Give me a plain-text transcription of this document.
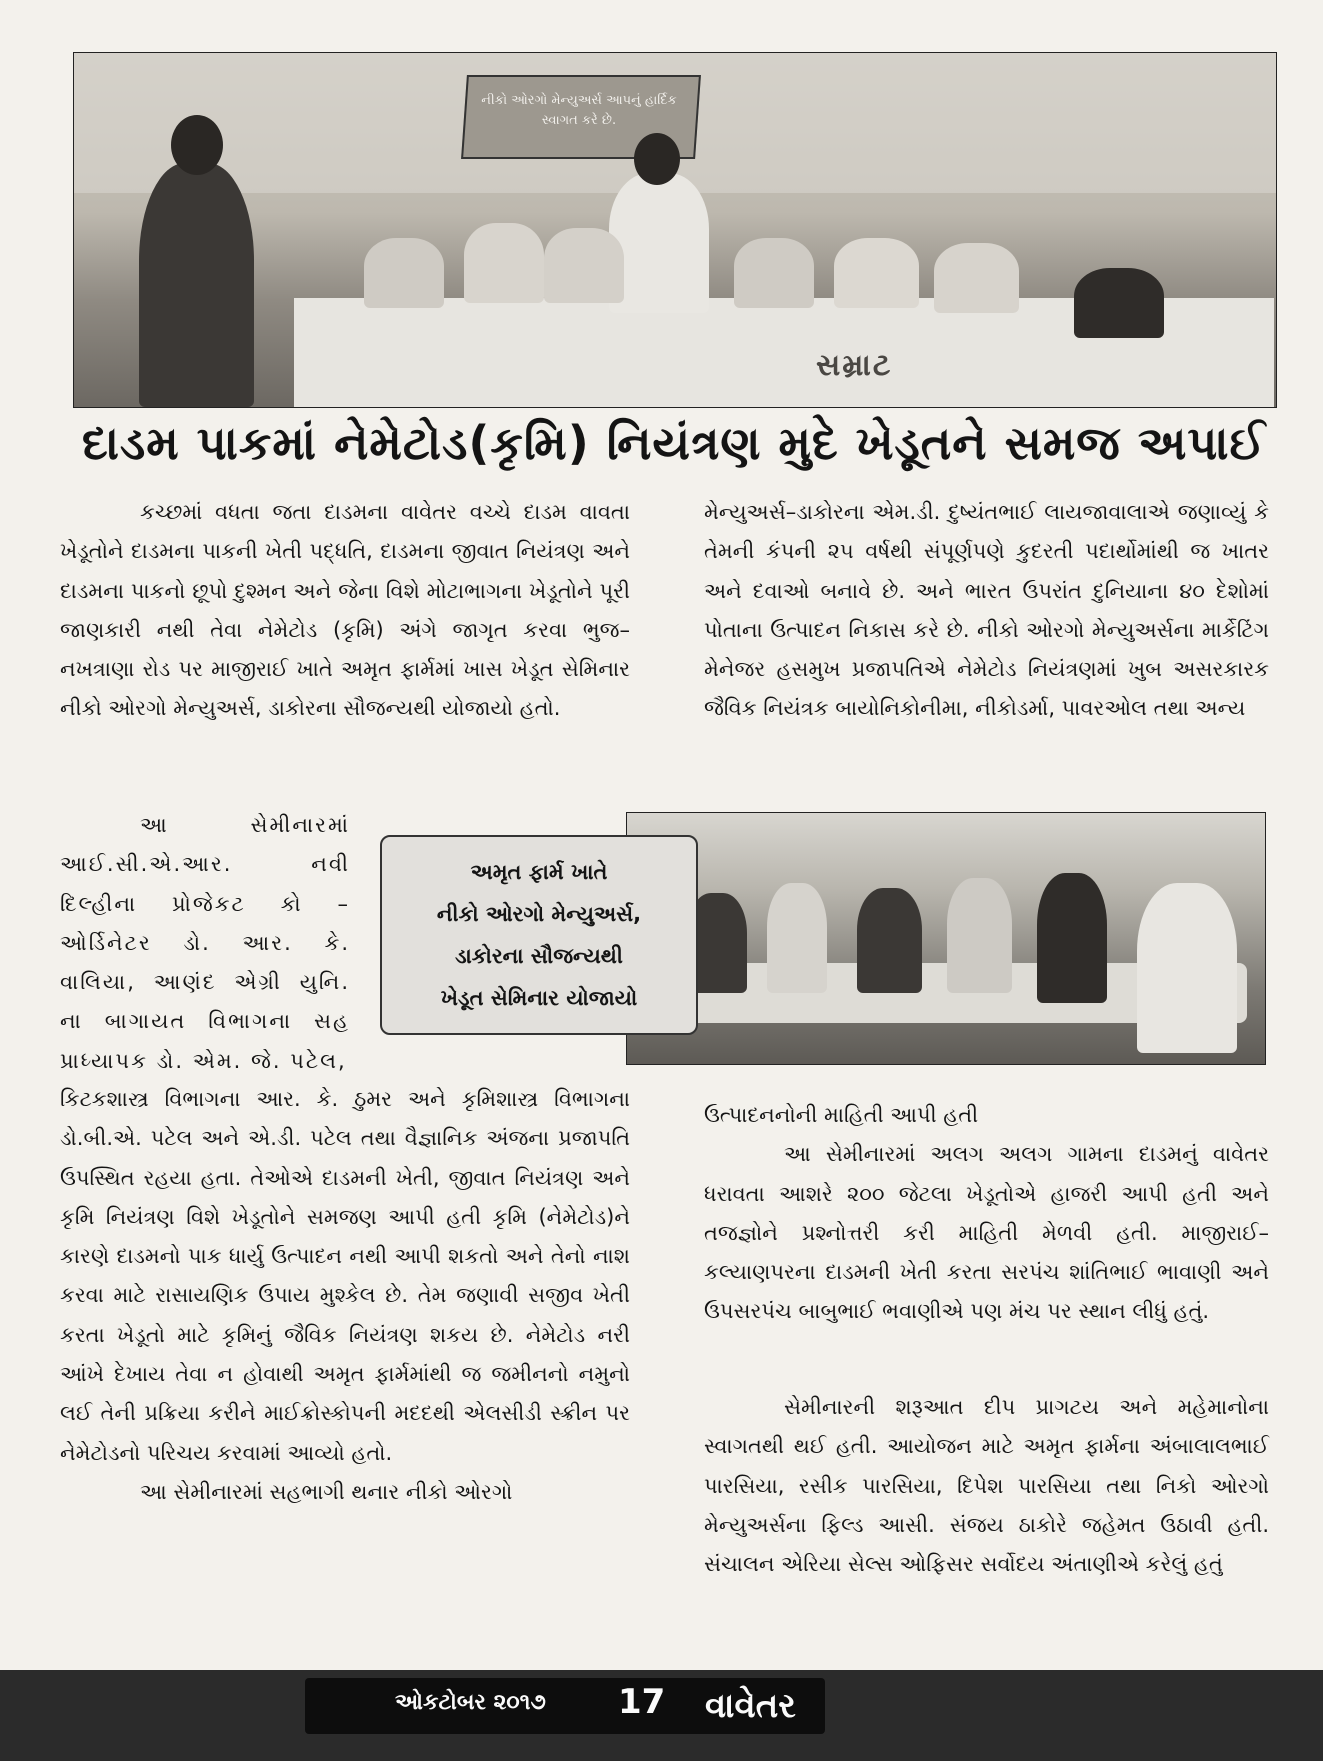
નીકો ઓરગો મેન્યુઅર્સ આપનું હાર્દિક સ્વાગત કરે છે.
સમ્રાટ
દાડમ પાકમાં નેમેટોડ(કૃમિ) નિયંત્રણ મુદે ખેડૂતને સમજ અપાઈ

કચ્છમાં વધતા જતા દાડમના વાવેતર વચ્ચે દાડમ વાવતા ખેડૂતોને દાડમના પાકની ખેતી પદ્ધતિ, દાડમના જીવાત નિયંત્રણ અને દાડમના પાકનો છૂપો દુશ્મન અને જેના વિશે મોટાભાગના ખેડૂતોને પૂરી જાણકારી નથી તેવા નેમેટોડ (કૃમિ) અંગે જાગૃત કરવા ભુજ–નખત્રાણા રોડ પર માજીરાઈ ખાતે અમૃત ફાર્મમાં ખાસ ખેડૂત સેમિનાર નીકો ઓરગો મેન્યુઅર્સ, ડાકોરના સૌજન્યથી યોજાયો હતો.

આ સેમીનારમાં આઈ.સી.એ.આર. નવી દિલ્હીના પ્રોજેકટ કો – ઓર્ડિનેટર ડો. આર. કે. વાલિયા, આણંદ એગ્રી યુનિ. ના બાગાયત વિભાગના સહ પ્રાધ્યાપક ડો. એમ. જે. પટેલ,

કિટકશાસ્ત્ર વિભાગના આર. કે. ઠુમર અને કૃમિશાસ્ત્ર વિભાગના ડો.બી.એ. પટેલ અને એ.ડી. પટેલ તથા વૈજ્ઞાનિક અંજના પ્રજાપતિ ઉપસ્થિત રહયા હતા. તેઓએ દાડમની ખેતી, જીવાત નિયંત્રણ અને કૃમિ નિયંત્રણ વિશે ખેડૂતોને સમજણ આપી હતી કૃમિ (નેમેટોડ)ને કારણે દાડમનો પાક ધાર્યુ ઉત્પાદન નથી આપી શકતો અને તેનો નાશ કરવા માટે રાસાયણિક ઉપાય મુશ્કેલ છે. તેમ જણાવી સજીવ ખેતી કરતા ખેડૂતો માટે કૃમિનું જૈવિક નિયંત્રણ શકય છે. નેમેટોડ નરી આંખે દેખાય તેવા ન હોવાથી અમૃત ફાર્મમાંથી જ જમીનનો નમુનો લઈ તેની પ્રક્રિયા કરીને માઈક્રોસ્કોપની મદદથી એલસીડી સ્ક્રીન પર નેમેટોડનો પરિચય કરવામાં આવ્યો હતો.
આ સેમીનારમાં સહભાગી થનાર નીકો ઓરગો

મેન્યુઅર્સ–ડાકોરના એમ.ડી. દુષ્યંતભાઈ લાયજાવાલાએ જણાવ્યું કે તેમની કંપની ૨૫ વર્ષથી સંપૂર્ણપણે કુદરતી પદાર્થોમાંથી જ ખાતર અને દવાઓ બનાવે છે. અને ભારત ઉપરાંત દુનિયાના ૪૦ દેશોમાં પોતાના ઉત્પાદન નિકાસ કરે છે. નીકો ઓરગો મેન્યુઅર્સના માર્કેટિંગ મેનેજર હસમુખ પ્રજાપતિએ નેમેટોડ નિયંત્રણમાં ખુબ અસરકારક જૈવિક નિયંત્રક બાયોનિકોનીમા, નીકોડર્મા, પાવરઓલ તથા અન્ય

અમૃત ફાર્મ ખાતે
નીકો ઓરગો મેન્યુઅર્સ,
ડાકોરના સૌજન્યથી
ખેડૂત સેમિનાર યોજાયો

ઉત્પાદનનોની માહિતી આપી હતી
આ સેમીનારમાં અલગ અલગ ગામના દાડમનું વાવેતર ધરાવતા આશરે ૨૦૦ જેટલા ખેડૂતોએ હાજરી આપી હતી અને તજજ્ઞોને પ્રશ્નોત્તરી કરી માહિતી મેળવી હતી. માજીરાઈ–કલ્યાણપરના દાડમની ખેતી કરતા સરપંચ શાંતિભાઈ ભાવાણી અને ઉપસરપંચ બાબુભાઈ ભવાણીએ પણ મંચ પર સ્થાન લીધું હતું.

સેમીનારની શરૂઆત દીપ પ્રાગટય અને મહેમાનોના સ્વાગતથી થઈ હતી. આયોજન માટે અમૃત ફાર્મના અંબાલાલભાઈ પારસિયા, રસીક પારસિયા, દિપેશ પારસિયા તથા નિકો ઓરગો મેન્યુઅર્સના ફિલ્ડ આસી. સંજય ઠાકોરે જહેમત ઉઠાવી હતી. સંચાલન એરિયા સેલ્સ ઓફિસર સર્વોદય અંતાણીએ કરેલું હતું

ઓકટોબર ૨૦૧૭ 17 વાવેતર
